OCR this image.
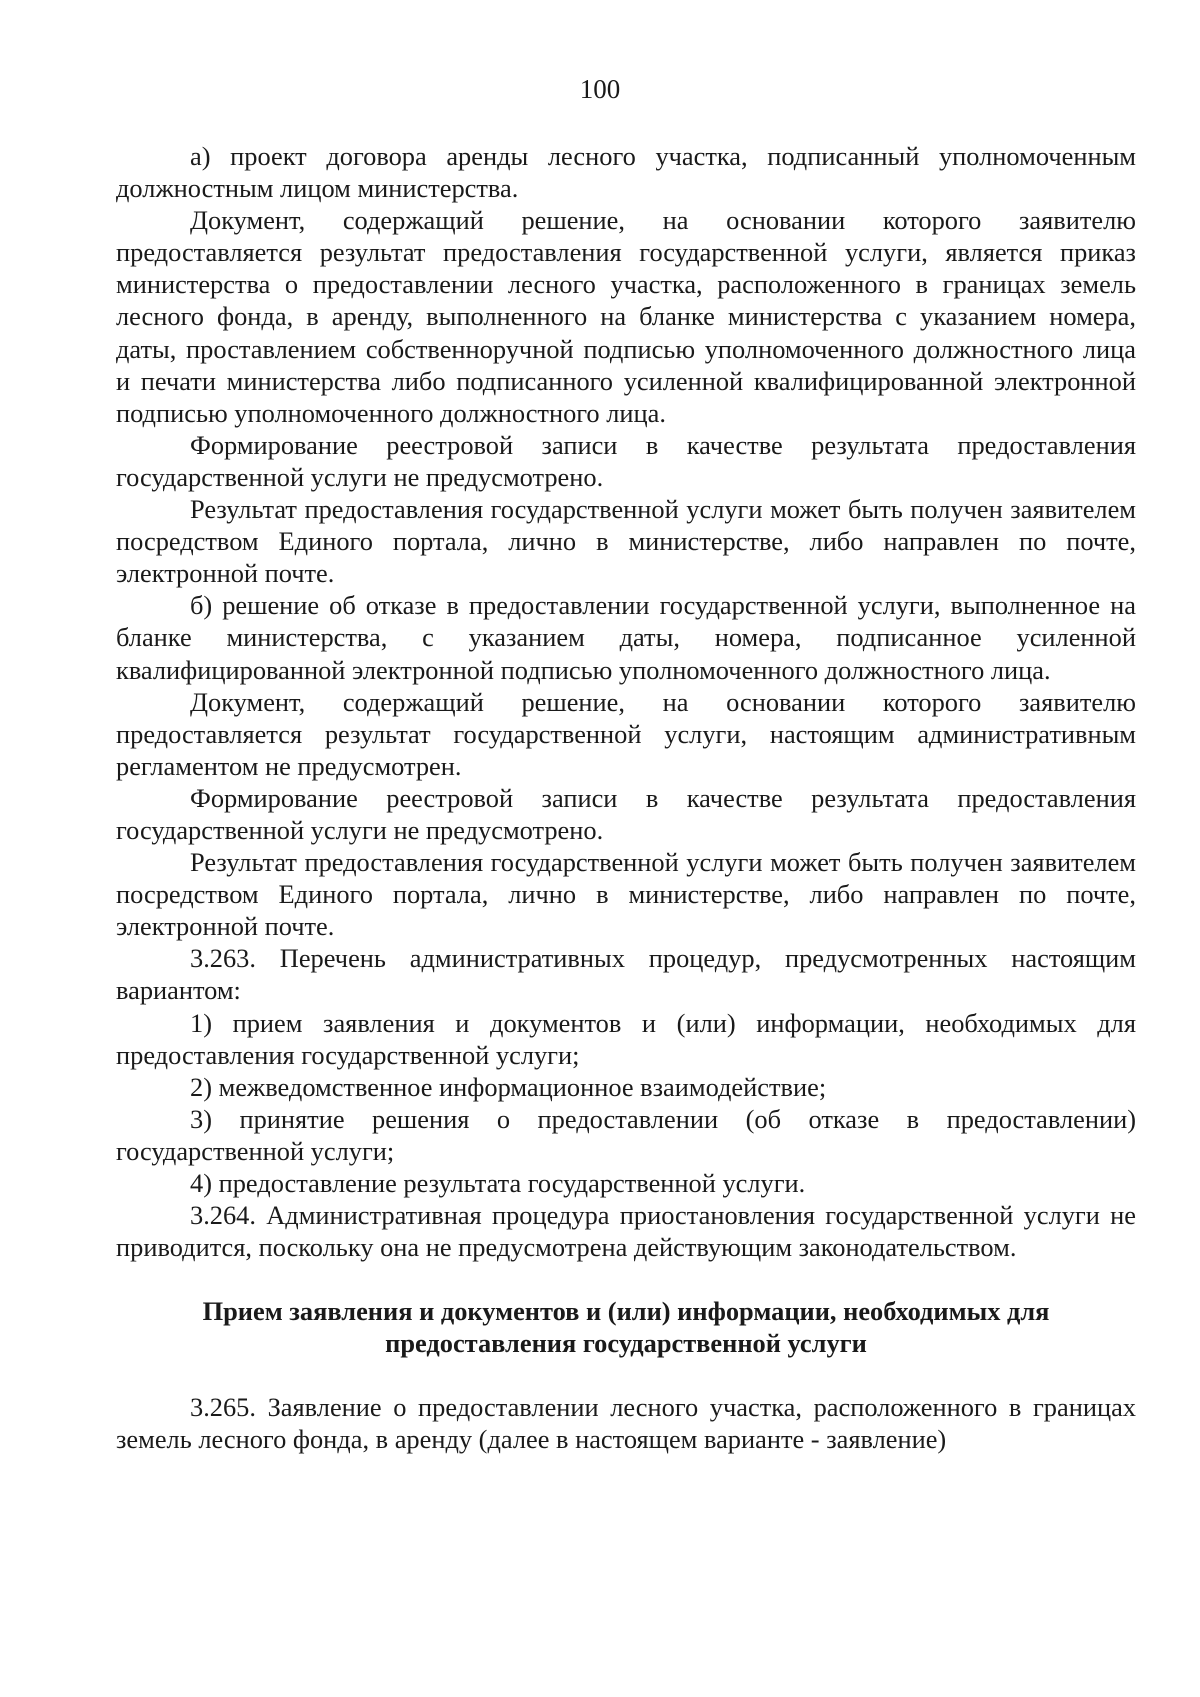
100

а) проект договора аренды лесного участка, подписанный уполномоченным должностным лицом министерства.

Документ, содержащий решение, на основании которого заявителю предоставляется результат предоставления государственной услуги, является приказ министерства о предоставлении лесного участка, расположенного в границах земель лесного фонда, в аренду, выполненного на бланке министерства с указанием номера, даты, проставлением собственноручной подписью уполномоченного должностного лица и печати министерства либо подписанного усиленной квалифицированной электронной подписью уполномоченного должностного лица.

Формирование реестровой записи в качестве результата предоставления государственной услуги не предусмотрено.

Результат предоставления государственной услуги может быть получен заявителем посредством Единого портала, лично в министерстве, либо направлен по почте, электронной почте.

б) решение об отказе в предоставлении государственной услуги, выполненное на бланке министерства, с указанием даты, номера, подписанное усиленной квалифицированной электронной подписью уполномоченного должностного лица.

Документ, содержащий решение, на основании которого заявителю предоставляется результат государственной услуги, настоящим административным регламентом не предусмотрен.

Формирование реестровой записи в качестве результата предоставления государственной услуги не предусмотрено.

Результат предоставления государственной услуги может быть получен заявителем посредством Единого портала, лично в министерстве, либо направлен по почте, электронной почте.

3.263. Перечень административных процедур, предусмотренных настоящим вариантом:

1) прием заявления и документов и (или) информации, необходимых для предоставления государственной услуги;

2) межведомственное информационное взаимодействие;

3) принятие решения о предоставлении (об отказе в предоставлении) государственной услуги;

4) предоставление результата государственной услуги.

3.264. Административная процедура приостановления государственной услуги не приводится, поскольку она не предусмотрена действующим законодательством.

Прием заявления и документов и (или) информации, необходимых для
предоставления государственной услуги

3.265. Заявление о предоставлении лесного участка, расположенного в границах земель лесного фонда, в аренду (далее в настоящем варианте - заявление)
